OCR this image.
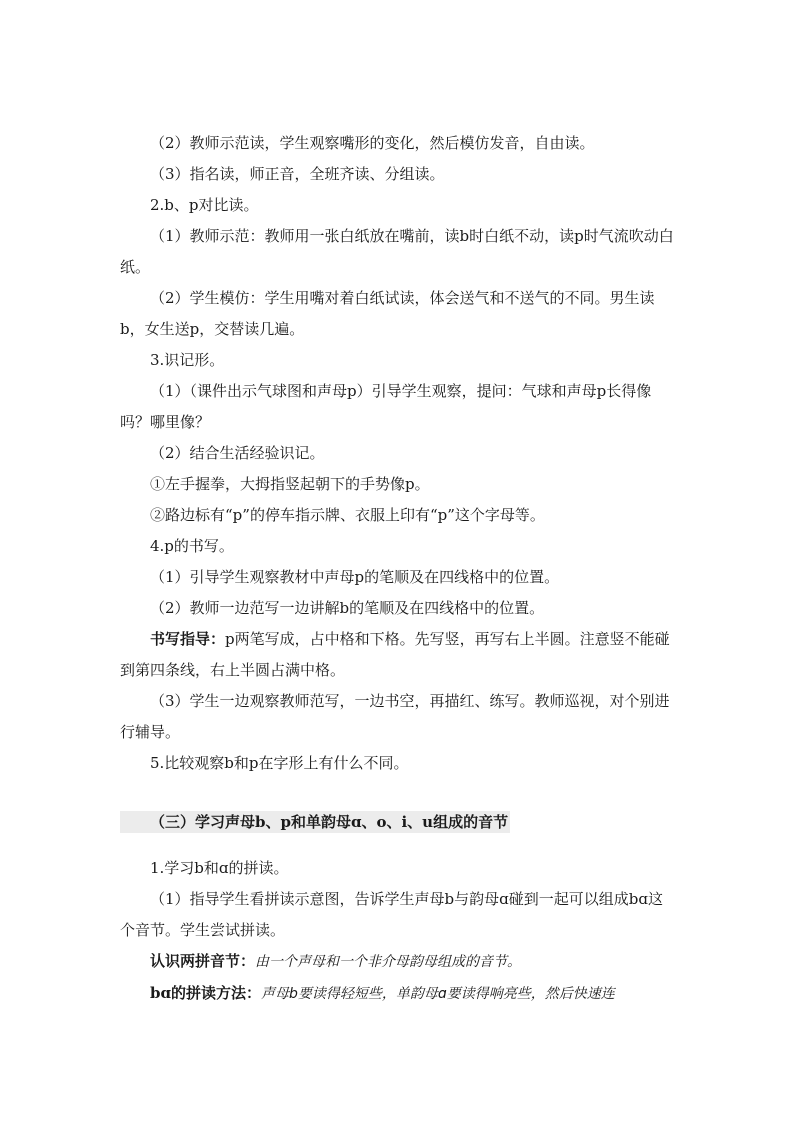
（2）教师示范读，学生观察嘴形的变化，然后模仿发音，自由读。

（3）指名读，师正音，全班齐读、分组读。

2.b、p对比读。

（1）教师示范：教师用一张白纸放在嘴前，读b时白纸不动，读p时气流吹动白纸。

（2）学生模仿：学生用嘴对着白纸试读，体会送气和不送气的不同。男生读b，女生送p，交替读几遍。

3.识记形。

（1）（课件出示气球图和声母p）引导学生观察，提问：气球和声母p长得像吗？哪里像？

（2）结合生活经验识记。

①左手握拳，大拇指竖起朝下的手势像p。

②路边标有“p”的停车指示牌、衣服上印有“p”这个字母等。

4.p的书写。

（1）引导学生观察教材中声母p的笔顺及在四线格中的位置。

（2）教师一边范写一边讲解b的笔顺及在四线格中的位置。

书写指导：p两笔写成，占中格和下格。先写竖，再写右上半圆。注意竖不能碰到第四条线，右上半圆占满中格。

（3）学生一边观察教师范写，一边书空，再描红、练写。教师巡视，对个别进行辅导。

5.比较观察b和p在字形上有什么不同。

（三）学习声母b、p和单韵母ɑ、o、i、u组成的音节

1.学习b和ɑ的拼读。

（1）指导学生看拼读示意图，告诉学生声母b与韵母ɑ碰到一起可以组成bɑ这个音节。学生尝试拼读。

认识两拼音节：由一个声母和一个非介母韵母组成的音节。

bɑ的拼读方法：声母b要读得轻短些，单韵母ɑ要读得响亮些，然后快速连
